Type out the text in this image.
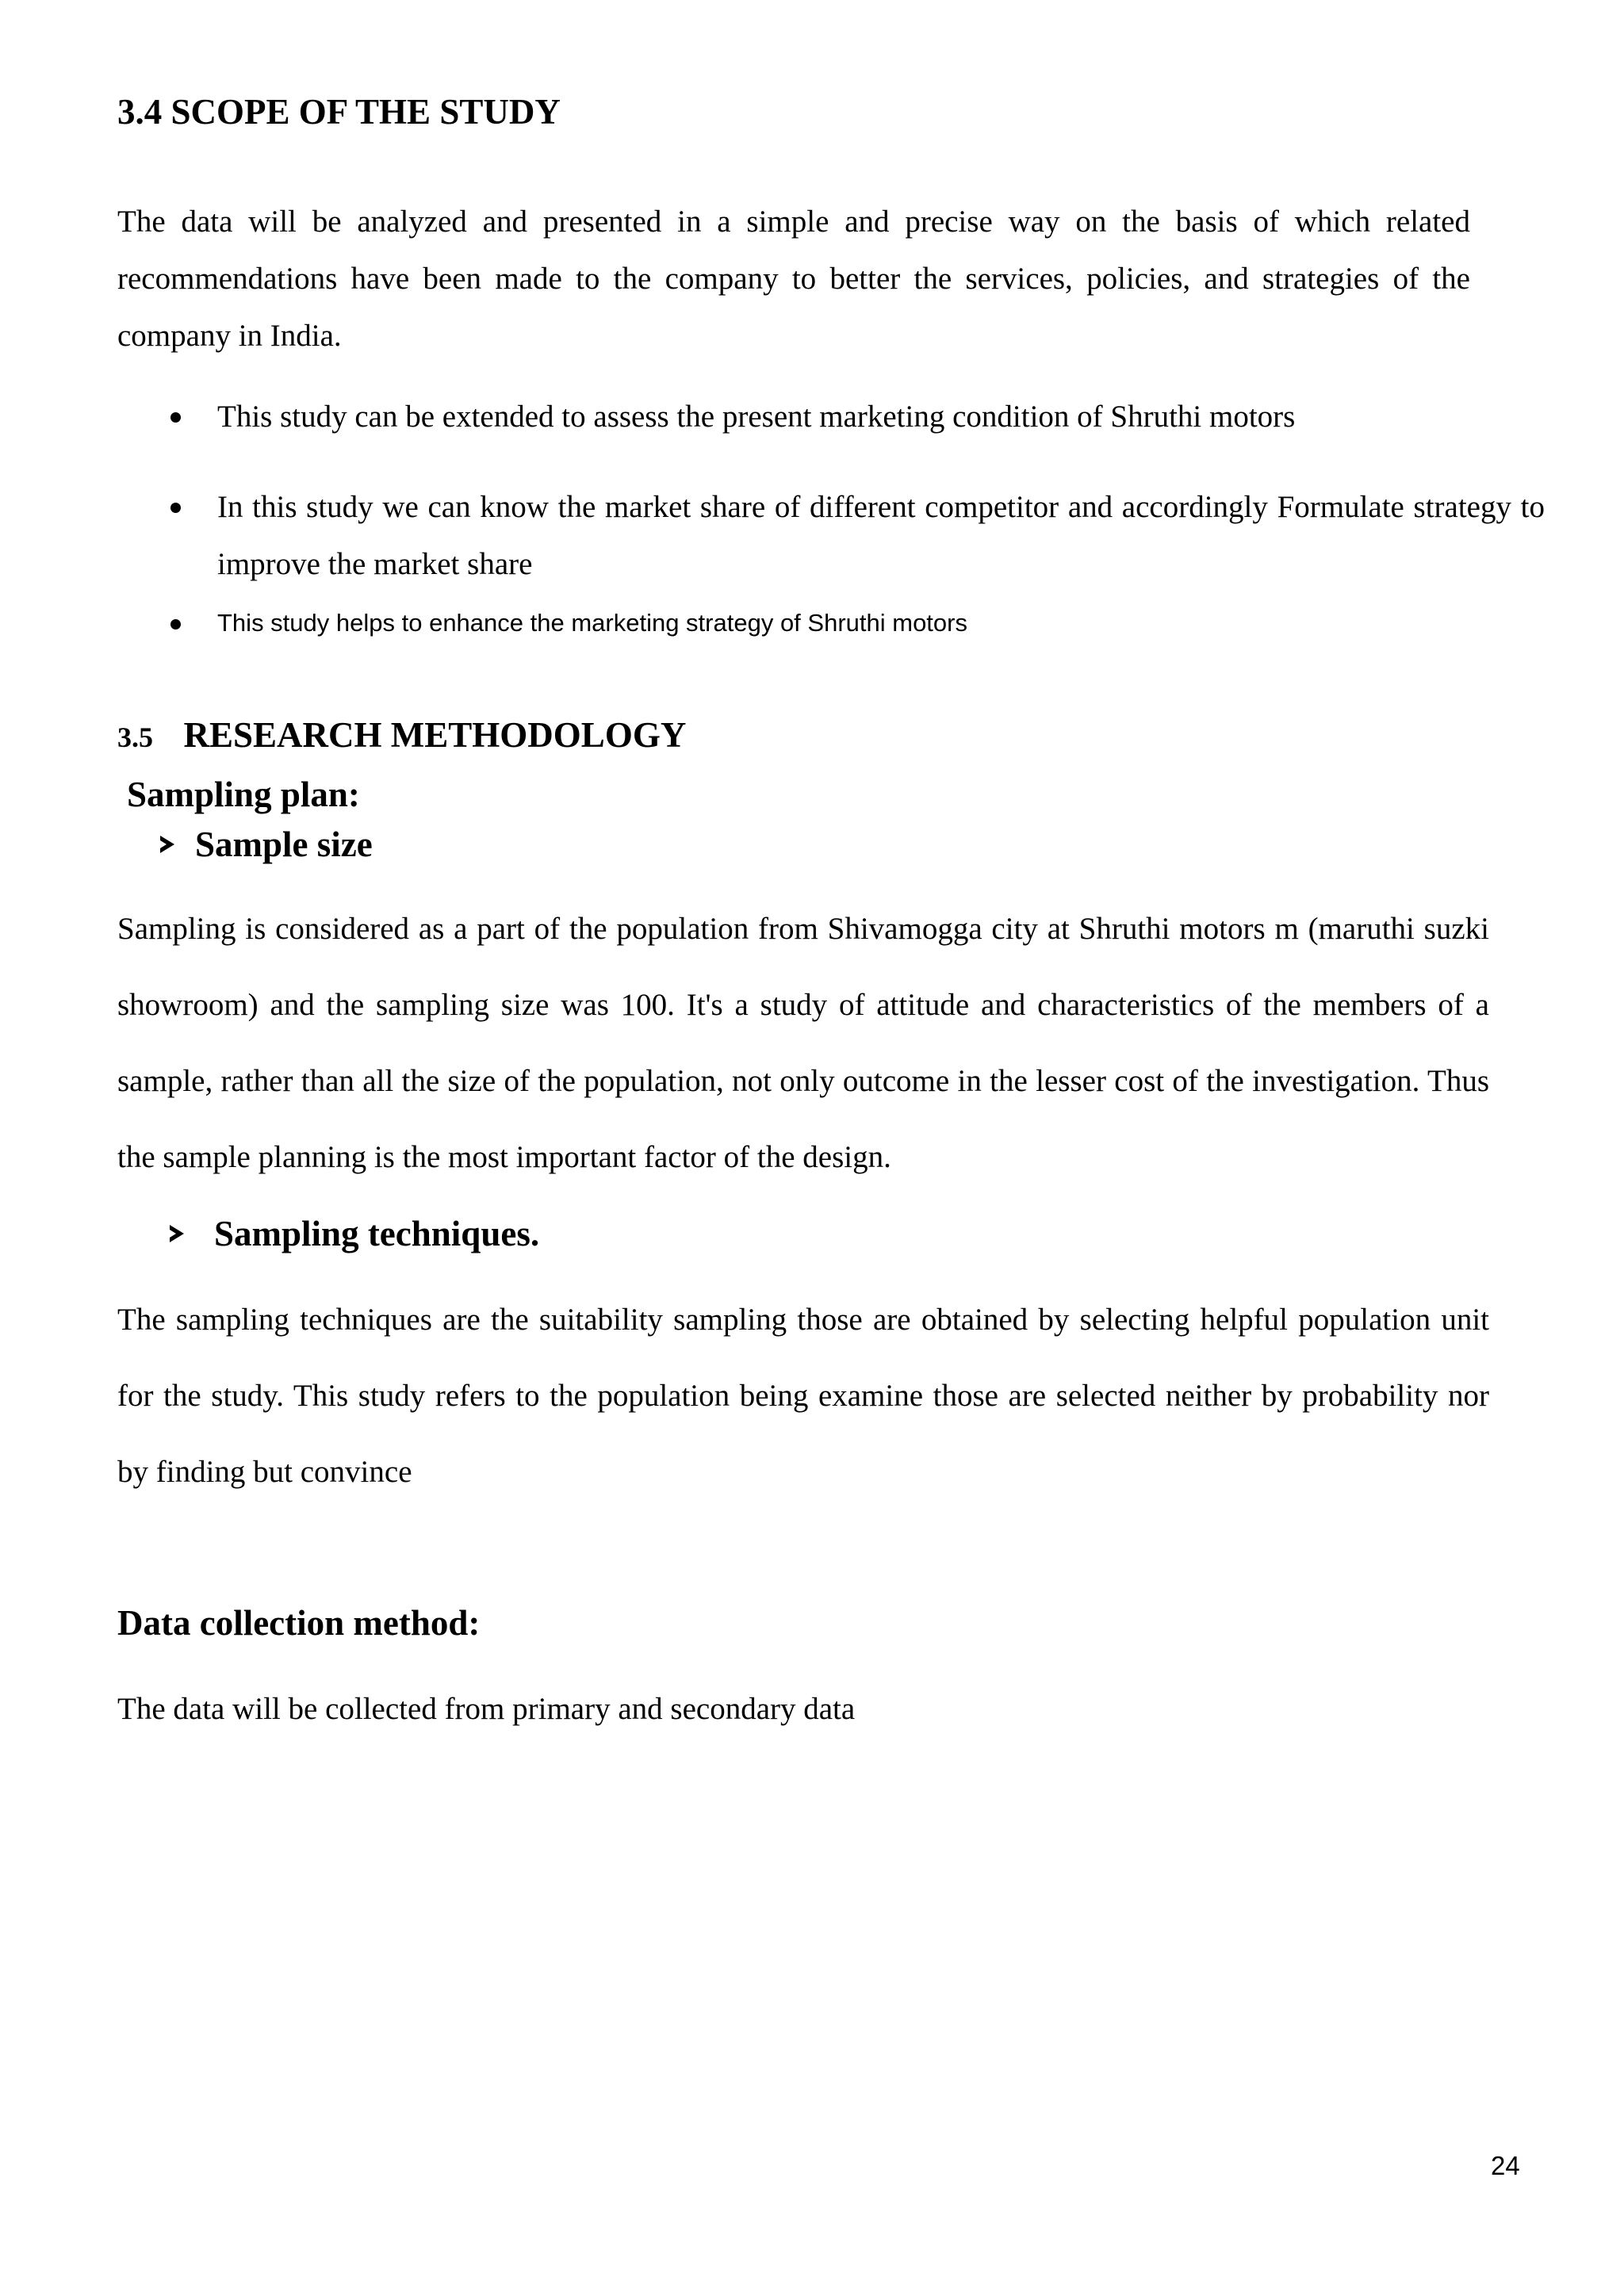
3.4 SCOPE OF THE STUDY

The data will be analyzed and presented in a simple and precise way on the basis of which related recommendations have been made to the company to better the services, policies, and strategies of the company in India.

This study can be extended to assess the present marketing condition of Shruthi motors
In this study we can know the market share of different competitor and accordingly Formulate strategy to improve the market share
This study helps to enhance the marketing strategy of Shruthi motors
3.5 RESEARCH METHODOLOGY
Sampling plan:
Sample size

Sampling is considered as a part of the population from Shivamogga city at Shruthi motors m (maruthi suzki showroom) and the sampling size was 100. It's a study of attitude and characteristics of the members of a sample, rather than all the size of the population, not only outcome in the lesser cost of the investigation. Thus the sample planning is the most important factor of the design.

Sampling techniques.

The sampling techniques are the suitability sampling those are obtained by selecting helpful population unit for the study. This study refers to the population being examine those are selected neither by probability nor by finding but convince

Data collection method:

The data will be collected from primary and secondary data

24
